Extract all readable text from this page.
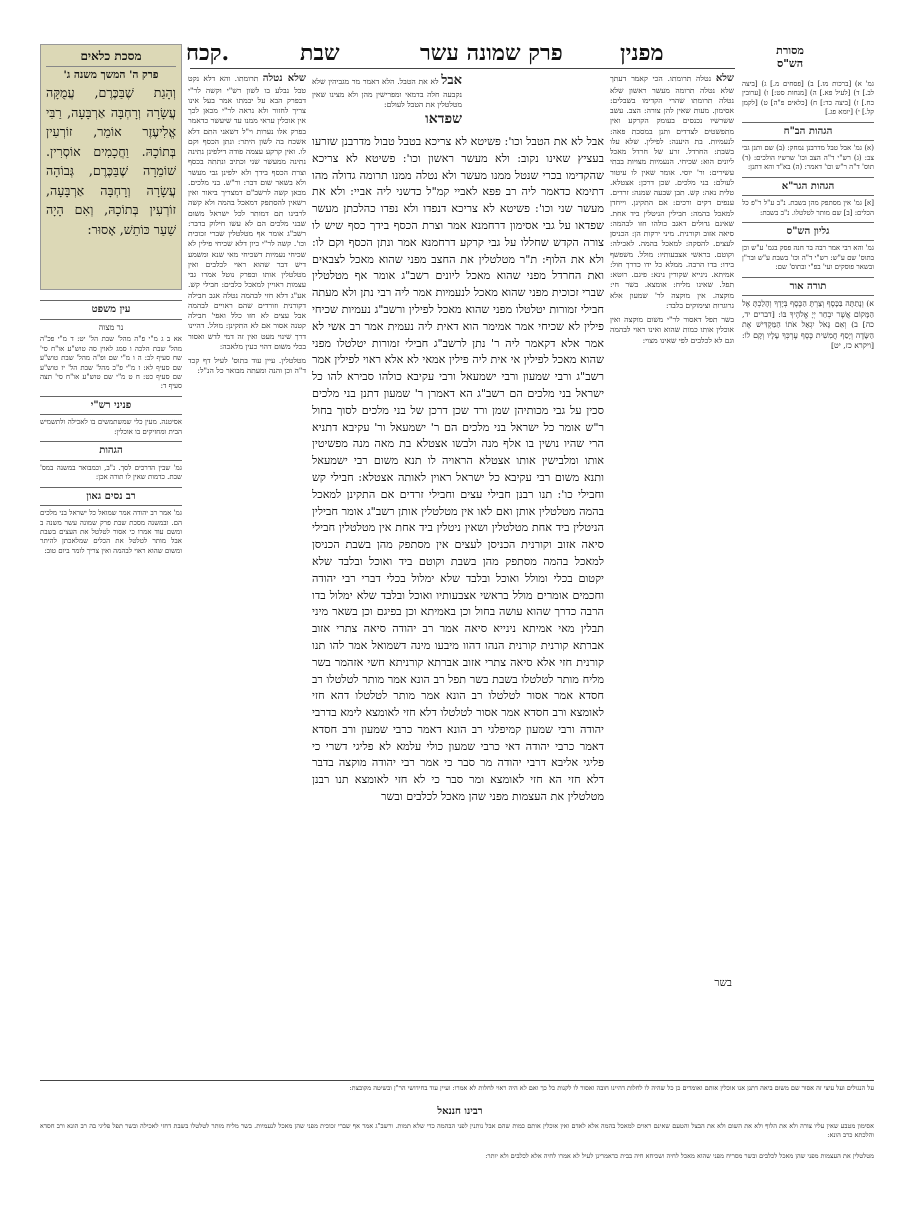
קכח.	שבת	פרק שמונה עשר	מפנין	מסורת
הש"ס
מסכת כלאים
פרק ה' המשך משנה ג'
וְהָגַת שֶׁבַּכֶּרֶם, עֲמֻקָּה עֲשָׂרָה וְרָחְבָּה אַרְבָּעָה, רַבִּי אֱלִיעֶזֶר אוֹמֵר, זוֹרְעִין בְּתוֹכָהּ. וַחֲכָמִים אוֹסְרִין. שׁוֹמֵרָה שֶׁבַּכֶּרֶם, גְּבוֹהָה עֲשָׂרָה וְרָחְבָּה אַרְבָּעָה, זוֹרְעִין בְּתוֹכָהּ, וְאִם הָיָה שַׁעַר כּוֹתֵשׁ, אָסוּר:
עין משפט
נר מצוה
אא ב ג מ"י פ"ה מהל' שבת הל' יט: ד מ"י פכ"ה מהל' שבת הלכה ו סמג לאוין סה טוש"ע או"ח סי' שח סעיף לב: ה ו מ"י שם ופ"ה מהל' שבת טוש"ע שם סעיף לא: ז מ"י פ"כ מהל' שבת הל' יז טוש"ע שם סעיף כט: ח ט מ"י שם טוש"ע או"ח סי' תצה סעיף ד:
פניני רש"י
אסיטנה. מעין כלי שמשתמשים בו לאכילה ולתשמיש הבית ומחזיקים בו אוכלין:
הגהות
גמ' שבין הדרכים לסך. נ"ב, וכמבואר במשנה במס' שבת. כדמות שאין לו תורה אכן:
רב נסים גאון
גמ' אמר רב יהודה אמר שמואל כל ישראל בני מלכים הם. ובמשנה מסכת שבת פרק שמונה עשר משנה ב ומשם עוד אמרו כי אסור לטלטל את העצים בשבת אבל מותר לטלטל את הכלים שמלאכתן להיתר ומשום שהוא ראוי לבהמה ואין צריך לומר ביום טוב:
שלא נטלה תרומתו. והא דלא נקט טבל נבלע בו לשון רש"י וקשה לר"י דבפרק הבא על יבמתו אמר בעל אינו צריך לחזור ולא נראה לר"י מכאן לכך אין אוכלין עראי ממנו עד שיעשר כדאמר בפרק אלו נערות וי"ל דשאני התם דלא אשכח בה לשון היתר: ונתן הכסף וקם לו. ואין קרקע עצמה פודה דילפינן נתינה נתינה ממעשר שני וכתיב ונתתה בכסף וצרת הכסף בידך ולא ילפינן גבי מעשר ולא בשאר שום דבר: ור"ש. בני מלכים. מכאן קשה לרשב"ם דמצריך ביאור ואין רשאין להסתפק דמאכל בהמה ולא קשה לרבינו תם דמותר לכל ישראל משום שבני מלכים הם לא עשו חילוק בדבר: רשב"ג אומר אף מטלטלין שברי זכוכית וכו'. קשה לר"י כיון דלא שכיחי פילין לא שכיחי נעמיות דשכיחי מאי שנא ומשמע דיש דבר שהוא ראוי לכלבים ואין מטלטלין אותו ובפרק נוטל אמרו גבי עצמות ראויין למאכל כלבים: חבילי קש. אע"ג דלא חזי לבהמה נטלה אגב חבילה דקורנית וזורדים שהם ראויים לבהמה אבל עצים לא חזו כלל ואפי' חבילה קטנה אסור אם לא התקינן: מולל. דהיינו דרך שינוי מעט ואין זה דמי לדש ואסור בכלי משום דהוי כעין מלאכה:
מטלטלין. עיין עוד בתוס' לעיל דף קכד ד"ה וכן והנה ומעתה מבואר כל הנ"ל:
אבל לא את הטבל. הלא דאמר מר מגביהין שלא נקבעה חלה בדמאי ומפרישין מהן ולא מצינו שאין מטלטלין את הטבל לעולם:
שפדאו
אבל לא את הטבל וכו': פשיטא לא צריכא בטבל טבול מדרבנן שזרעו בעציץ שאינו נקוב: ולא מעשר ראשון וכו': פשיטא לא צריכא שהקדימו בכרי שנטל ממנו מעשר ולא נטלה ממנו תרומה גדולה מהו דתימא כדאמר ליה רב פפא לאביי קמ"ל כדשני ליה אביי: ולא את מעשר שני וכו': פשיטא לא צריכא דנפדו ולא נפדו כהלכתן מעשר שפדאו על גבי אסימון דרחמנא אמר וצרת הכסף בידך כסף שיש לו צורה הקדש שחללו על גבי קרקע דרחמנא אמר ונתן הכסף וקם לו: ולא את הלוף: ת"ר מטלטלין את החצב מפני שהוא מאכל לצבאים ואת החרדל מפני שהוא מאכל ליונים רשב"ג אומר אף מטלטלין שברי זכוכית מפני שהוא מאכל לנעמיות אמר ליה רבי נתן ולא מעתה חבילי זמורות יטלטלו מפני שהוא מאכל לפילין ורשב"ג נעמיות שכיחי פילין לא שכיחי אמר אמימר הוא דאית ליה נעמית אמר רב אשי לא אמר אלא דקאמר ליה ר' נתן לרשב"ג חבילי זמורות יטלטלו מפני שהוא מאכל לפילין אי אית ליה פילין אמאי לא אלא ראוי לפילין אמר רשב"ג ורבי שמעון ורבי ישמעאל ורבי עקיבא כולהו סבירא להו כל ישראל בני מלכים הם רשב"ג הא דאמרן ר' שמעון דתנן בני מלכים סכין על גבי מכותיהן שמן ורד שכן דרכן של בני מלכים לסוך בחול ר"ש אומר כל ישראל בני מלכים הם ר' ישמעאל ור' עקיבא דתניא הרי שהיו נושין בו אלף מנה ולבשו אצטלא בת מאה מנה מפשיטין אותו ומלבישין אותו אצטלא הראויה לו תנא משום רבי ישמעאל ותנא משום רבי עקיבא כל ישראל ראוין לאותה אצטלא: חבילי קש וחבילי כו': תנו רבנן חבילי עצים וחבילי זרדים אם התקינן למאכל בהמה מטלטלין אותן ואם לאו אין מטלטלין אותן רשב"ג אומר חבילין הניטלין ביד אחת מטלטלין ושאין ניטלין ביד אחת אין מטלטלין חבילי סיאה אזוב וקורנית הכניסן לעצים אין מסתפק מהן בשבת הכניסן למאכל בהמה מסתפק מהן בשבת וקוטם ביד ואוכל ובלבד שלא יקטום בכלי ומולל ואוכל ובלבד שלא ימלול בכלי דברי רבי יהודה וחכמים אומרים מולל בראשי אצבעותיו ואוכל ובלבד שלא ימלול בדו הרבה כדרך שהוא עושה בחול וכן באמיתא וכן בפיגם וכן בשאר מיני תבלין מאי אמיתא נינייא סיאה אמר רב יהודה סיאה צתרי אזוב אברתא קורנית קורנית הנהו דהוו מיבעו מינה דשמואל אמר להו תנו קורנית חזי אלא סיאה צתרי אזוב אברתא קורניתא חשי אזהמר בשר מליח מותר לטלטלו בשבת בשר תפל רב הונא אמר מותר לטלטלו רב חסדא אמר אסור לטלטלו רב הונא אמר מותר לטלטלו דהא חזי לאומצא ורב חסדא אמר אסור לטלטלו דלא חזי לאומצא לימא בדרבי יהודה ורבי שמעון קמיפלגי רב הונא דאמר כרבי שמעון ורב חסדא דאמר כרבי יהודה דאי כרבי שמעון כולי עלמא לא פליגי דשרי כי פליגי אליבא דרבי יהודה מר סבר כי אמר רבי יהודה מוקצה בדבר דלא חזי הא חזי לאומצא ומר סבר כי לא חזי לאומצא תנו רבנן מטלטלין את העצמות מפני שהן מאכל לכלבים ובשר
בשר
שלא נטלה תרומתו. הכי קאמר דעתך שלא נטלה תרומה מעשר ראשון שלא נטלה תרומתו שהרי הקדימו בשבלים: אסימון. מעות שאין להן צורה: הצב. עשב ששרשיו נכנסים בעומק הקרקע ואין מתפשטים לצדדים ותנן במסכת פאה: לנעמיות. בת היענה: לפילין. שלא עלו בשבת: החרדל. זרע של חרדל מאכל ליונים הוא: שכיחי. הנעמיות מצויות בבתי עשירים: ור' יוסי. אומר שאין לו עיטור לעולם: בני מלכים. שכן דרכן: אצטלא. טלית נאה: קש. תבן שבעה שמנה: זרדים. ענפים דקים ורכים: אם התקינן. וייחדן למאכל בהמה: חבילין הניטלין ביד אחת. שאינם גדולים דאגב כולהו חזו לבהמה: סיאה אזוב וקורנית. מיני ירקות הן: הכניסן לעצים. להסקה: למאכל בהמה. לאכילה: וקוטם. בראשי אצבעותיו: מולל. משפשף בידו: בדו הרבה. ממלא כל ידו כדרך חול: אמיתא. נינייא שקורין נינא: פיגם. רוטא: תפל. שאינו מליח: אומצא. בשר חי: מוקצה. אין מוקצה לר' שמעון אלא גרוגרות וצימוקים בלבד:
בשר תפל דאסור לר"י משום מוקצה ואין אוכלין אותו כמות שהוא ואינו ראוי לבהמה וגם לא לכלבים לפי שאינו מצוי:
גמ' א) [ברכות מז.] ב) [פסחים מ.] ג) [ביצה לב.] ד) [לעיל פא.] ה) [מנחות סט:] ו) [ערובין כח.] ז) [ביצה כד:] ח) [כלאים פ"ה] ט) [לקמן קל.] י) [יומא פג.]
הגהות הב"ח
(א) גמ' אבל טבל מדרבנן נמחק: (ב) שם ותנן גבי צב: (ג) רש"י ד"ה הצב וכו' שרשיו הולכים: (ד) תוס' ד"ה ר"ש וכו' דאמר: (ה) בא"ד והא דתנן:
הגהות הגר"א
[א] גמ' אין מסתפק מהן בשבת. נ"ב ע"ל ר"פ כל הכלים: [ב] שם מותר לטלטלו. נ"ב בשבת:
גליון הש"ס
גמ' והא רבי אמר רבה בר חנה פסק בגמ' ע"ש וכן בתוס' שם ע"ש: רש"י ד"ה וכו' בשבת ע"ש ובר"ן ובשאר פוסקים ועי' בפ"י ובתוס' שם:
תורה אור
א) וְנָתַתָּה בַּכָּסֶף וְצַרְתָּ הַכֶּסֶף בְּיָדְךָ וְהָלַכְתָּ אֶל הַמָּקוֹם אֲשֶׁר יִבְחַר יְיָ אֱלֹהֶיךָ בּוֹ: [דברים יד, כה] ב) וְאִם גָּאֹל יִגְאַל אֹתוֹ הַמַּקְדִּישׁ אֶת הַשָּׂדֶה וְיָסַף חֲמִשִׁית כֶּסֶף עֶרְכְּךָ עָלָיו וְקָם לוֹ: [ויקרא כז, יט]
על הנגולים ועל עיצי זה אסור שם משום ביאה דתנן אנו אוכלין אותם ואומרים כן כל שהיה לו לחלות דהיינו חובה ואסור לו לקנות כל כך ואם לא היה ראוי לחלות לא אמרו: ועיין עוד בחידושי הר"ן ובשיטה מקובצת:
רבינו חננאל
אסימון מטבע שאין עליו צורה ולא את הלוף ולא את השום ולא את הבצל והטעם שאינם ראוים למאכל בהמה אלא לאדם ואין אוכלין אותם כמות שהם אבל נותנין לפני הבהמה כדי שלא תמות. ורשב"ג אמר אף שברי זכוכית מפני שהן מאכל לנעמיות. בשר מליח מותר לטלטלו בשבת דחזי לאכילה ובשר תפל פליגי בה רב הונא ורב חסדא והלכתא כרב הונא:
מטלטלין את העצמות מפני שהן מאכל לכלבים ובשר מסריח מפני שהוא מאכל לחיה ושכיחא חיה בבית כדאמרינן לעיל לא אמרו לחיה אלא לכלבים ולא יותר:
